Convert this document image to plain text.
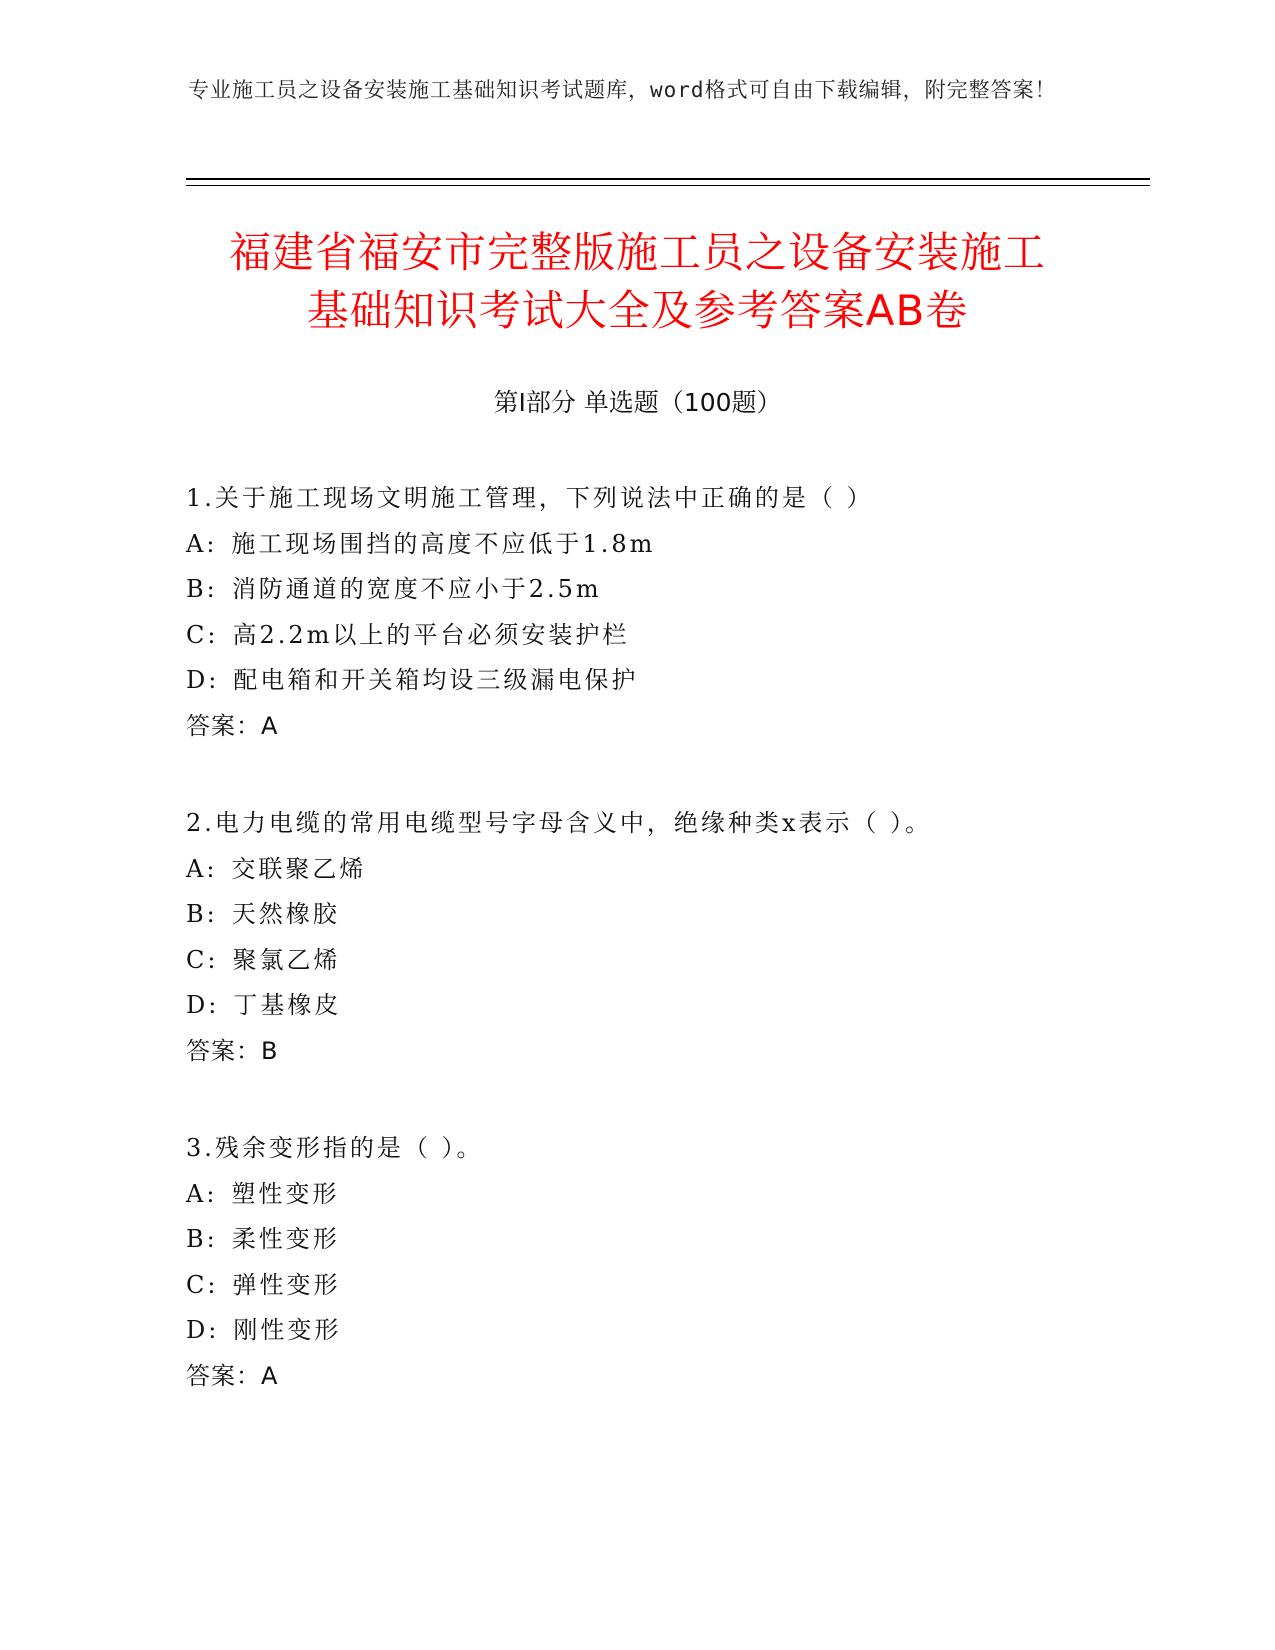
专业施工员之设备安装施工基础知识考试题库，word格式可自由下载编辑，附完整答案！
福建省福安市完整版施工员之设备安装施工
基础知识考试大全及参考答案AB卷
第Ⅰ部分 单选题（100题）
1.关于施工现场文明施工管理，下列说法中正确的是（ ）
A: 施工现场围挡的高度不应低于1.8m
B: 消防通道的宽度不应小于2.5m
C: 高2.2m以上的平台必须安装护栏
D: 配电箱和开关箱均设三级漏电保护
答案：A
2.电力电缆的常用电缆型号字母含义中，绝缘种类x表示（ ）。
A: 交联聚乙烯
B: 天然橡胶
C: 聚氯乙烯
D: 丁基橡皮
答案：B
3.残余变形指的是（ ）。
A: 塑性变形
B: 柔性变形
C: 弹性变形
D: 刚性变形
答案：A
